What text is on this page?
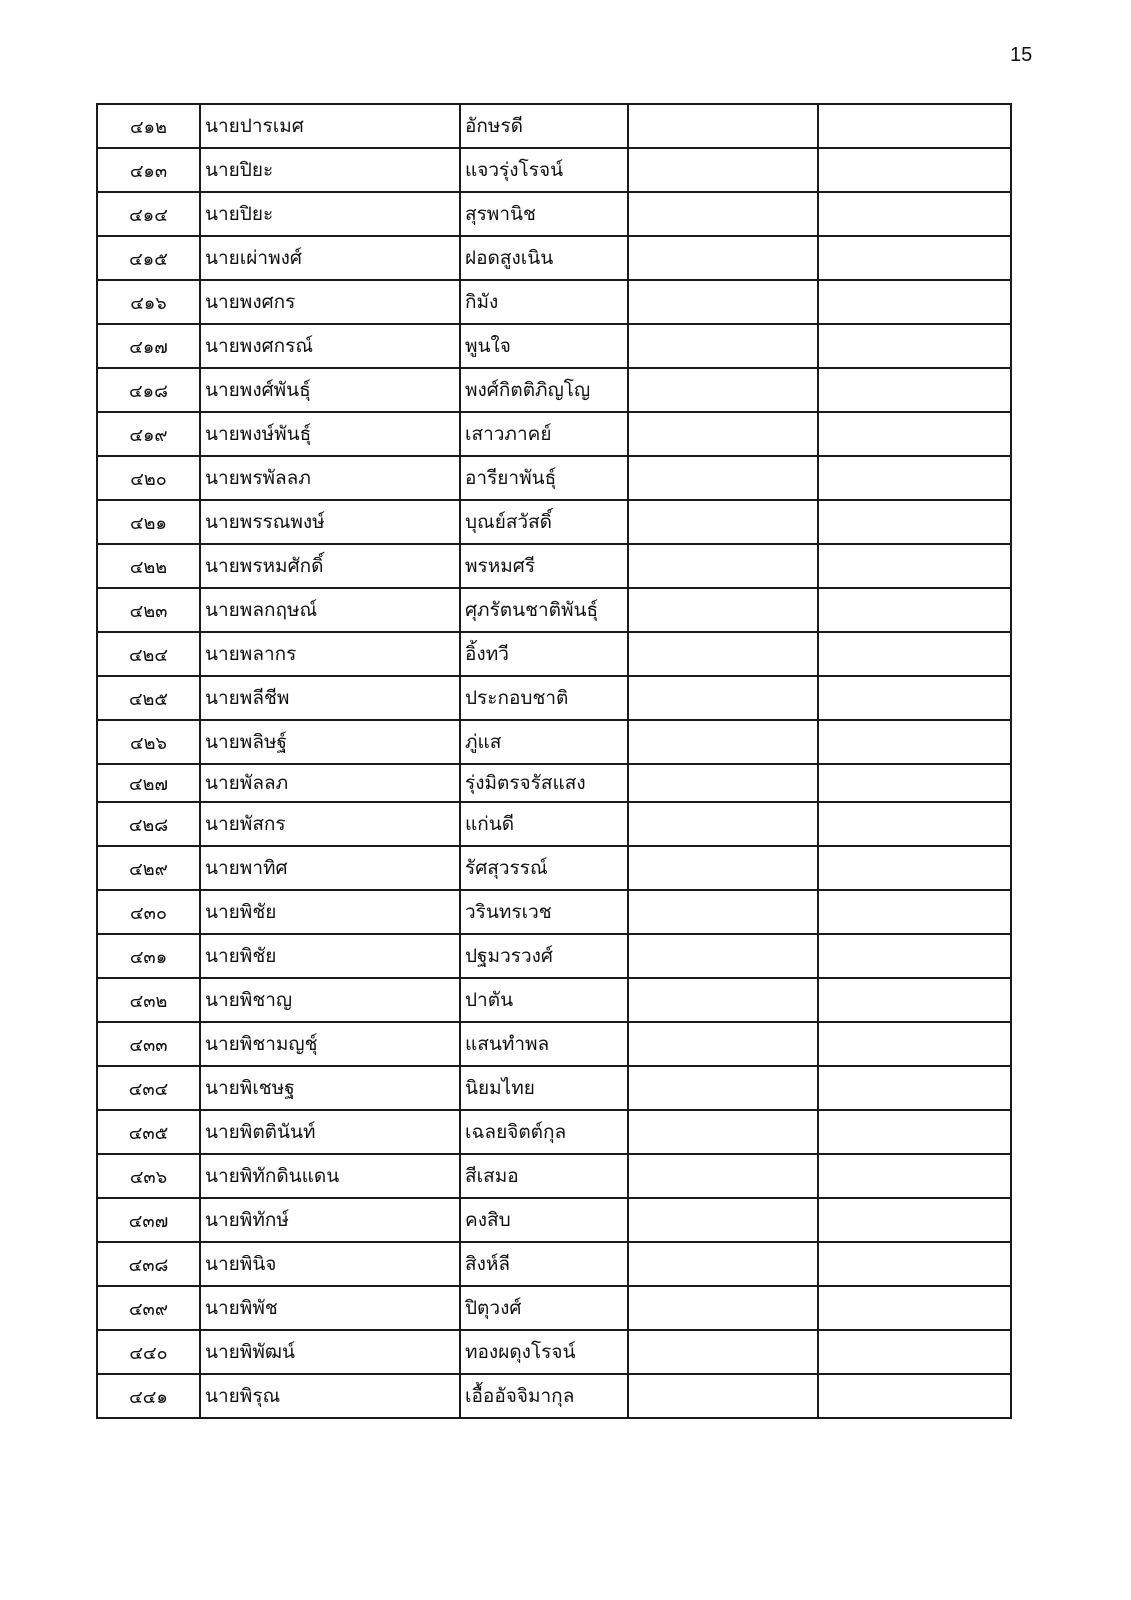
15
๔๑๒	นายปารเมศ	อักษรดี		
๔๑๓	นายปิยะ	แจวรุ่งโรจน์		
๔๑๔	นายปิยะ	สุรพานิช		
๔๑๕	นายเผ่าพงศ์	ฝอดสูงเนิน		
๔๑๖	นายพงศกร	กิมัง		
๔๑๗	นายพงศกรณ์	พูนใจ		
๔๑๘	นายพงศ์พันธุ์	พงศ์กิตติภิญโญ		
๔๑๙	นายพงษ์พันธุ์	เสาวภาคย์		
๔๒๐	นายพรพัลลภ	อารียาพันธุ์		
๔๒๑	นายพรรณพงษ์	บุณย์สวัสดิ์		
๔๒๒	นายพรหมศักดิ์	พรหมศรี		
๔๒๓	นายพลกฤษณ์	ศุภรัตนชาติพันธุ์		
๔๒๔	นายพลากร	อิ้งทวี		
๔๒๕	นายพลีชีพ	ประกอบชาติ		
๔๒๖	นายพลิษฐ์	ภู่แส		
๔๒๗	นายพัลลภ	รุ่งมิตรจรัสแสง		
๔๒๘	นายพัสกร	แก่นดี		
๔๒๙	นายพาทิศ	รัศสุวรรณ์		
๔๓๐	นายพิชัย	วรินทรเวช		
๔๓๑	นายพิชัย	ปฐมวรวงศ์		
๔๓๒	นายพิชาญ	ปาตัน		
๔๓๓	นายพิชามญชุ์	แสนทำพล		
๔๓๔	นายพิเชษฐ	นิยมไทย		
๔๓๕	นายพิตตินันท์	เฉลยจิตต์กุล		
๔๓๖	นายพิทักดินแดน	สีเสมอ		
๔๓๗	นายพิทักษ์	คงสิบ		
๔๓๘	นายพินิจ	สิงห์ลี		
๔๓๙	นายพิพัช	ปิตุวงศ์		
๔๔๐	นายพิพัฒน์	ทองผดุงโรจน์		
๔๔๑	นายพิรุณ	เอื้ออัจจิมากุล		
